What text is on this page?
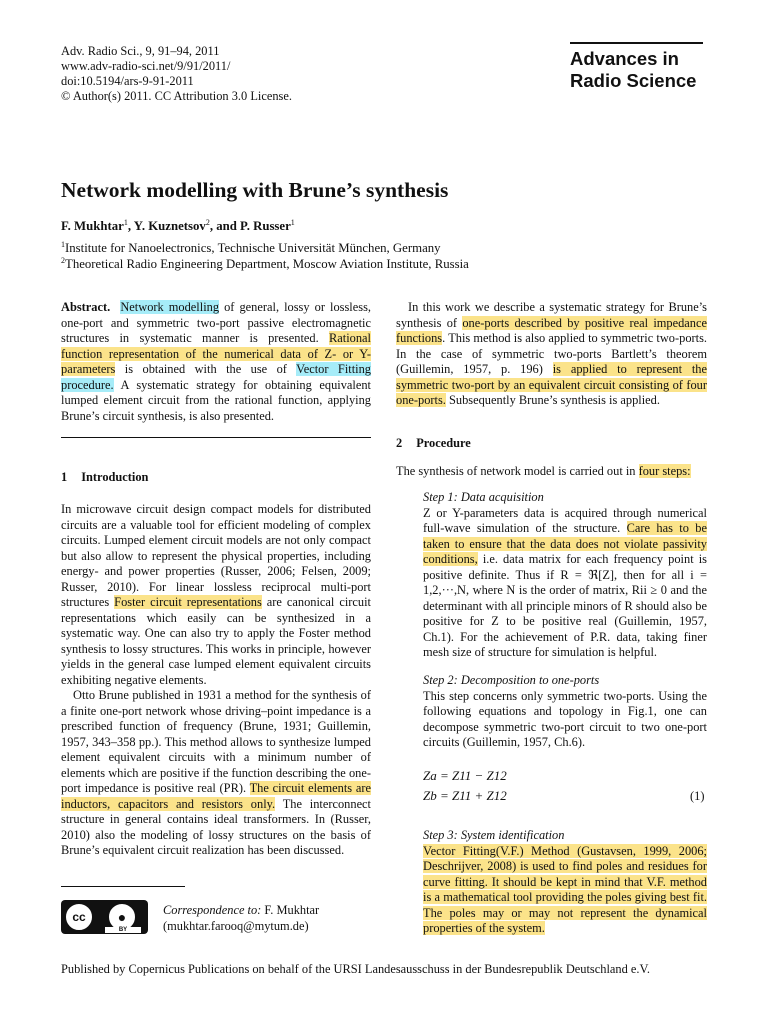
Adv. Radio Sci., 9, 91–94, 2011
www.adv-radio-sci.net/9/91/2011/
doi:10.5194/ars-9-91-2011
© Author(s) 2011. CC Attribution 3.0 License.
Advances in
Radio Science
Network modelling with Brune’s synthesis
F. Mukhtar$^1$, Y. Kuznetsov$^2$, and P. Russer$^1$
$^1$Institute for Nanoelectronics, Technische Universität München, Germany
$^2$Theoretical Radio Engineering Department, Moscow Aviation Institute, Russia

Abstract. Network modelling of general, lossy or lossless, one-port and symmetric two-port passive electromagnetic structures in systematic manner is presented. Rational function representation of the numerical data of Z- or Y-parameters is obtained with the use of Vector Fitting procedure. A systematic strategy for obtaining equivalent lumped element circuit from the rational function, applying Brune’s circuit synthesis, is also presented.

1 Introduction

In microwave circuit design compact models for distributed circuits are a valuable tool for efficient modeling of complex circuits. Lumped element circuit models are not only compact but also allow to represent the physical properties, including energy- and power properties (Russer, 2006; Felsen, 2009; Russer, 2010). For linear lossless reciprocal multi-port structures Foster circuit representations are canonical circuit representations which easily can be synthesized in a systematic way. One can also try to apply the Foster method synthesis to lossy structures. This works in principle, however yields in the general case lumped element equivalent circuits exhibiting negative elements.

Otto Brune published in 1931 a method for the synthesis of a finite one-port network whose driving–point impedance is a prescribed function of frequency (Brune, 1931; Guillemin, 1957, 343–358 pp.). This method allows to synthesize lumped element equivalent circuits with a minimum number of elements which are positive if the function describing the one-port impedance is positive real (PR). The circuit elements are inductors, capacitors and resistors only. The interconnect structure in general contains ideal transformers. In (Russer, 2010) also the modeling of lossy structures on the basis of Brune’s equivalent circuit realization has been discussed.

cc	●
BY
Correspondence to: F. Mukhtar
(mukhtar.farooq@mytum.de)

In this work we describe a systematic strategy for Brune’s synthesis of one-ports described by positive real impedance functions. This method is also applied to symmetric two-ports. In the case of symmetric two-ports Bartlett’s theorem (Guillemin, 1957, p. 196) is applied to represent the symmetric two-port by an equivalent circuit consisting of four one-ports. Subsequently Brune’s synthesis is applied.

2 Procedure

The synthesis of network model is carried out in four steps:

Step 1: Data acquisition

Z or Y-parameters data is acquired through numerical full-wave simulation of the structure. Care has to be taken to ensure that the data does not violate passivity conditions, i.e. data matrix for each frequency point is positive definite. Thus if R = ℜ[Z], then for all i = 1,2,···,N, where N is the order of matrix, Rii ≥ 0 and the determinant with all principle minors of R should also be positive for Z to be positive real (Guillemin, 1957, Ch.1). For the achievement of P.R. data, taking finer mesh size of structure for simulation is helpful.

Step 2: Decomposition to one-ports

This step concerns only symmetric two-ports. Using the following equations and topology in Fig.1, one can decompose symmetric two-port circuit to two one-port circuits (Guillemin, 1957, Ch.6).

Za = Z11 − Z12
Zb = Z11 + Z12	(1)

Step 3: System identification

Vector Fitting(V.F.) Method (Gustavsen, 1999, 2006; Deschrijver, 2008) is used to find poles and residues for curve fitting. It should be kept in mind that V.F. method is a mathematical tool providing the poles giving best fit. The poles may or may not represent the dynamical properties of the system.

Published by Copernicus Publications on behalf of the URSI Landesausschuss in der Bundesrepublik Deutschland e.V.
